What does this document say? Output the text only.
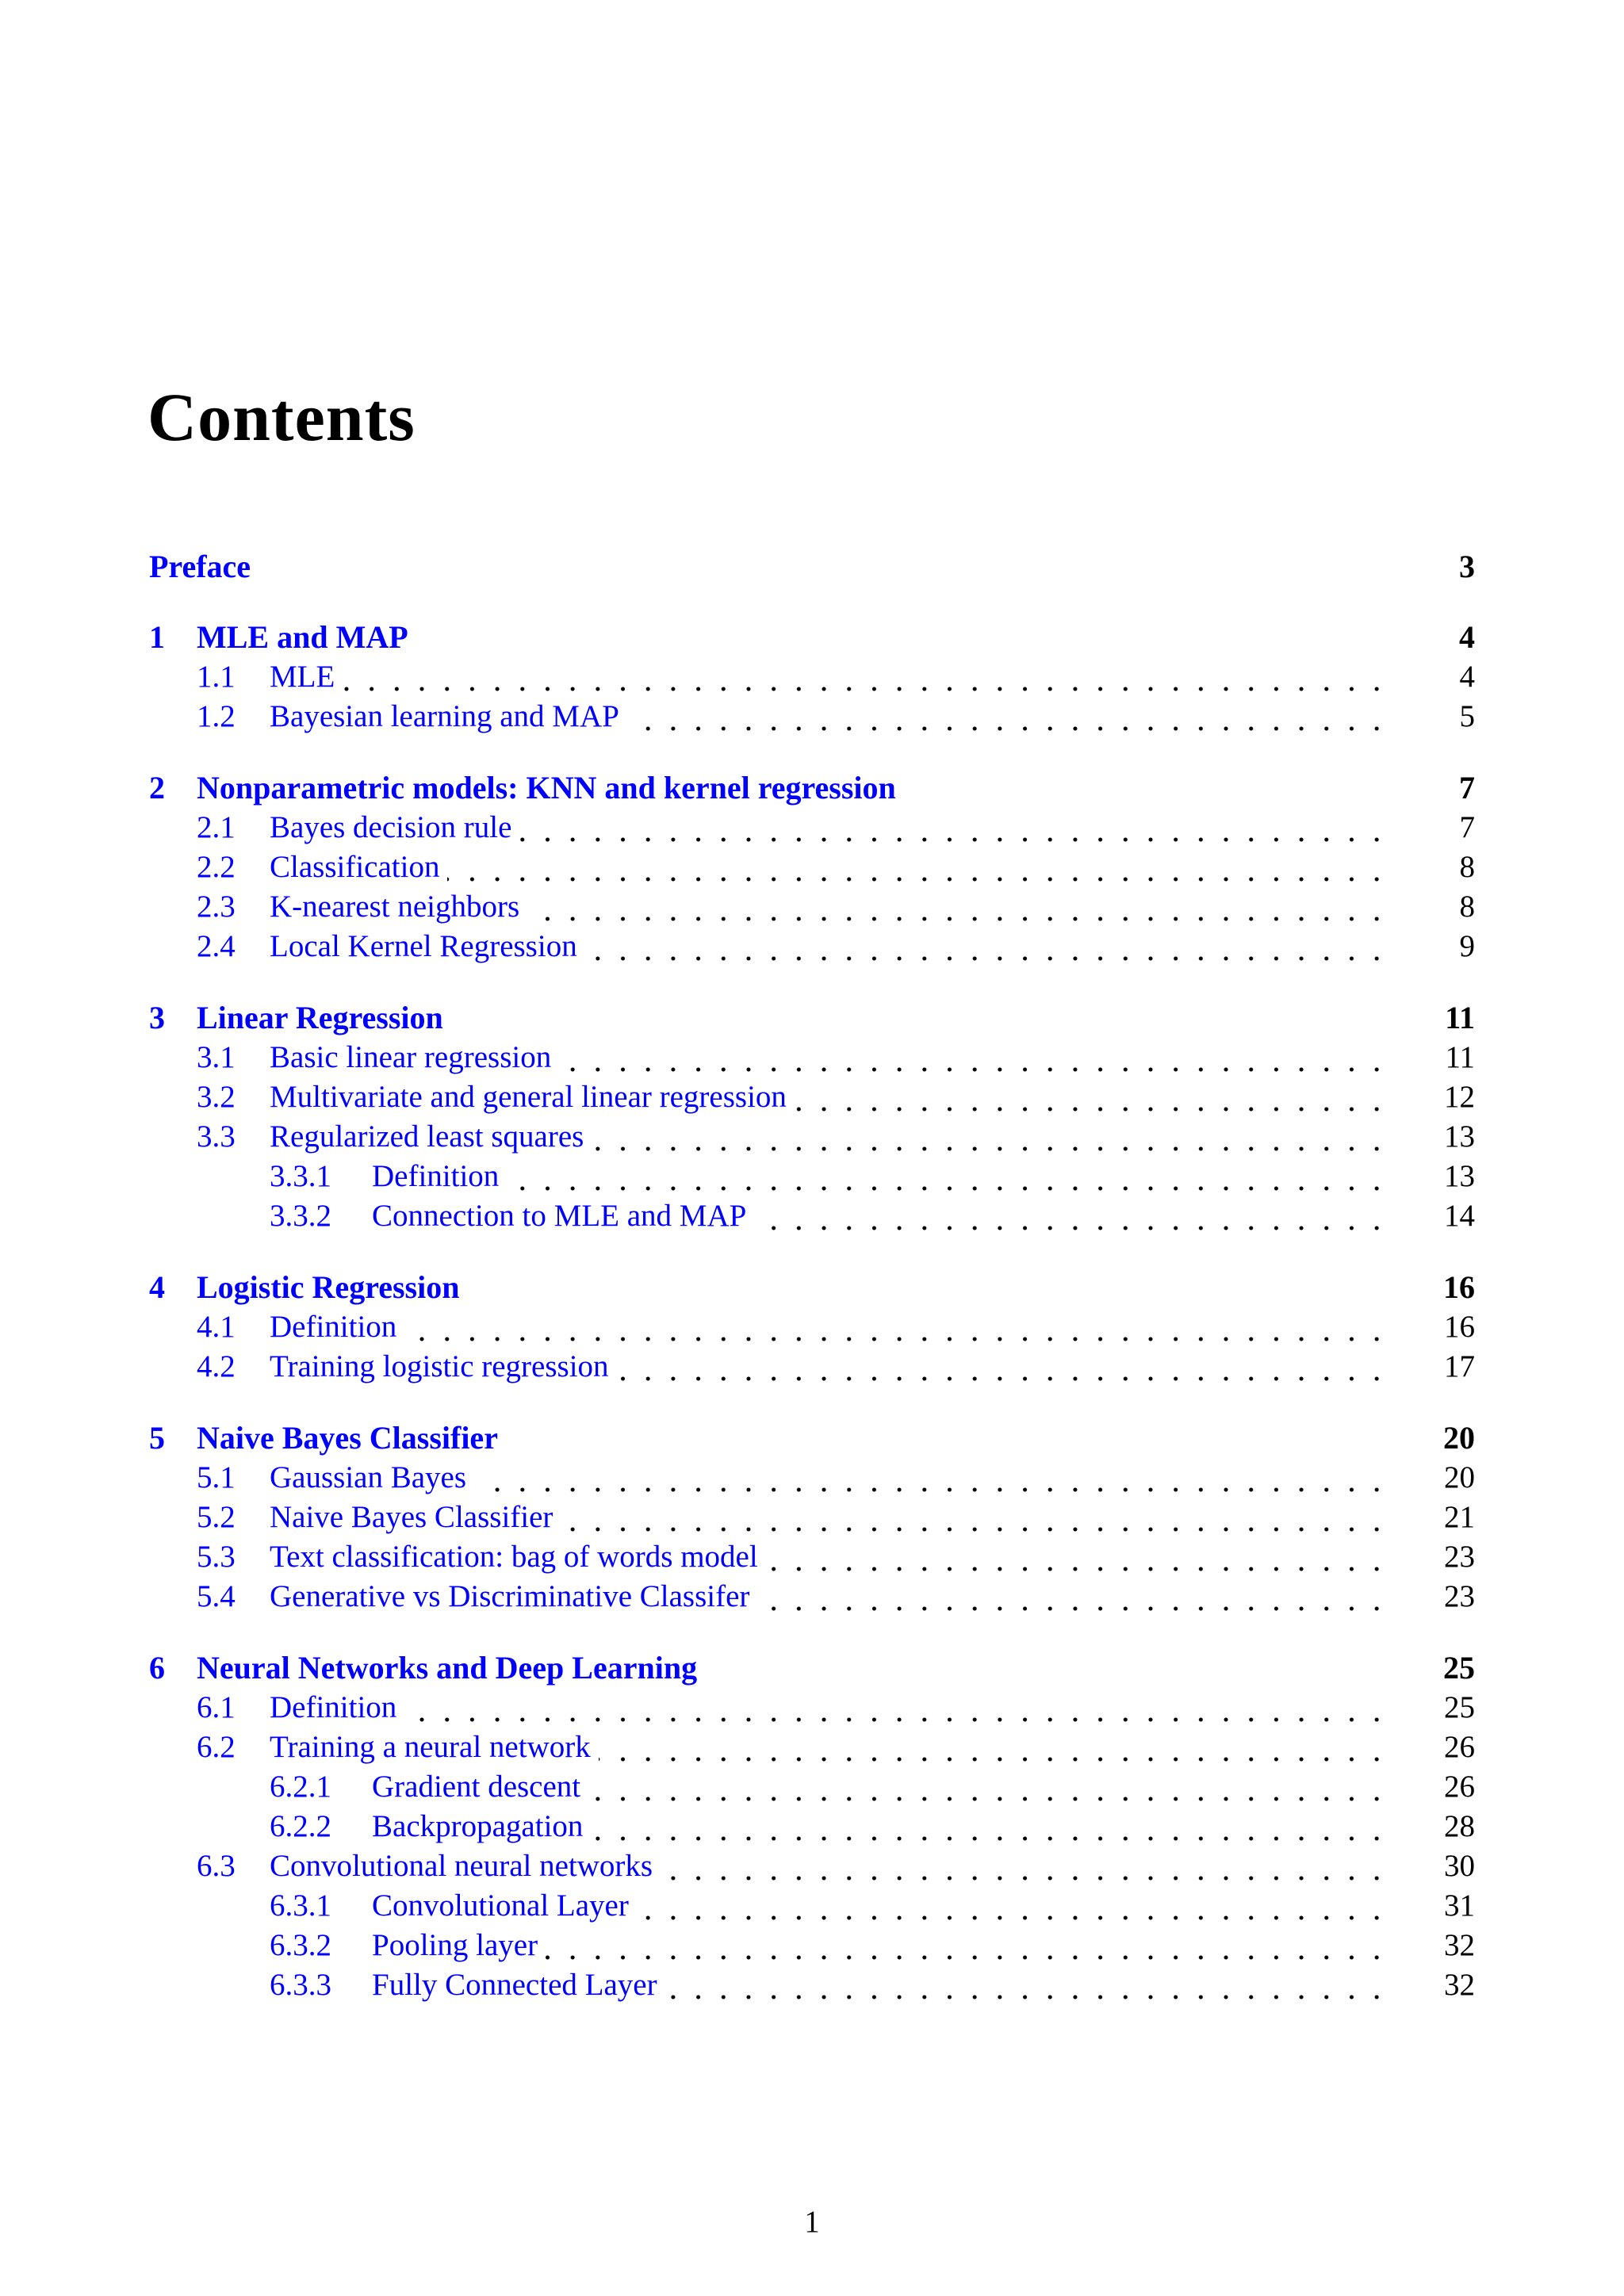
Contents
Preface	3
1 MLE and MAP	4
1.1 MLE	4
1.2 Bayesian learning and MAP	5
2 Nonparametric models: KNN and kernel regression	7
2.1 Bayes decision rule	7
2.2 Classification	8
2.3 K-nearest neighbors	8
2.4 Local Kernel Regression	9
3 Linear Regression	11
3.1 Basic linear regression	11
3.2 Multivariate and general linear regression	12
3.3 Regularized least squares	13
3.3.1 Definition	13
3.3.2 Connection to MLE and MAP	14
4 Logistic Regression	16
4.1 Definition	16
4.2 Training logistic regression	17
5 Naive Bayes Classifier	20
5.1 Gaussian Bayes	20
5.2 Naive Bayes Classifier	21
5.3 Text classification: bag of words model	23
5.4 Generative vs Discriminative Classifer	23
6 Neural Networks and Deep Learning	25
6.1 Definition	25
6.2 Training a neural network	26
6.2.1 Gradient descent	26
6.2.2 Backpropagation	28
6.3 Convolutional neural networks	30
6.3.1 Convolutional Layer	31
6.3.2 Pooling layer	32
6.3.3 Fully Connected Layer	32
1
